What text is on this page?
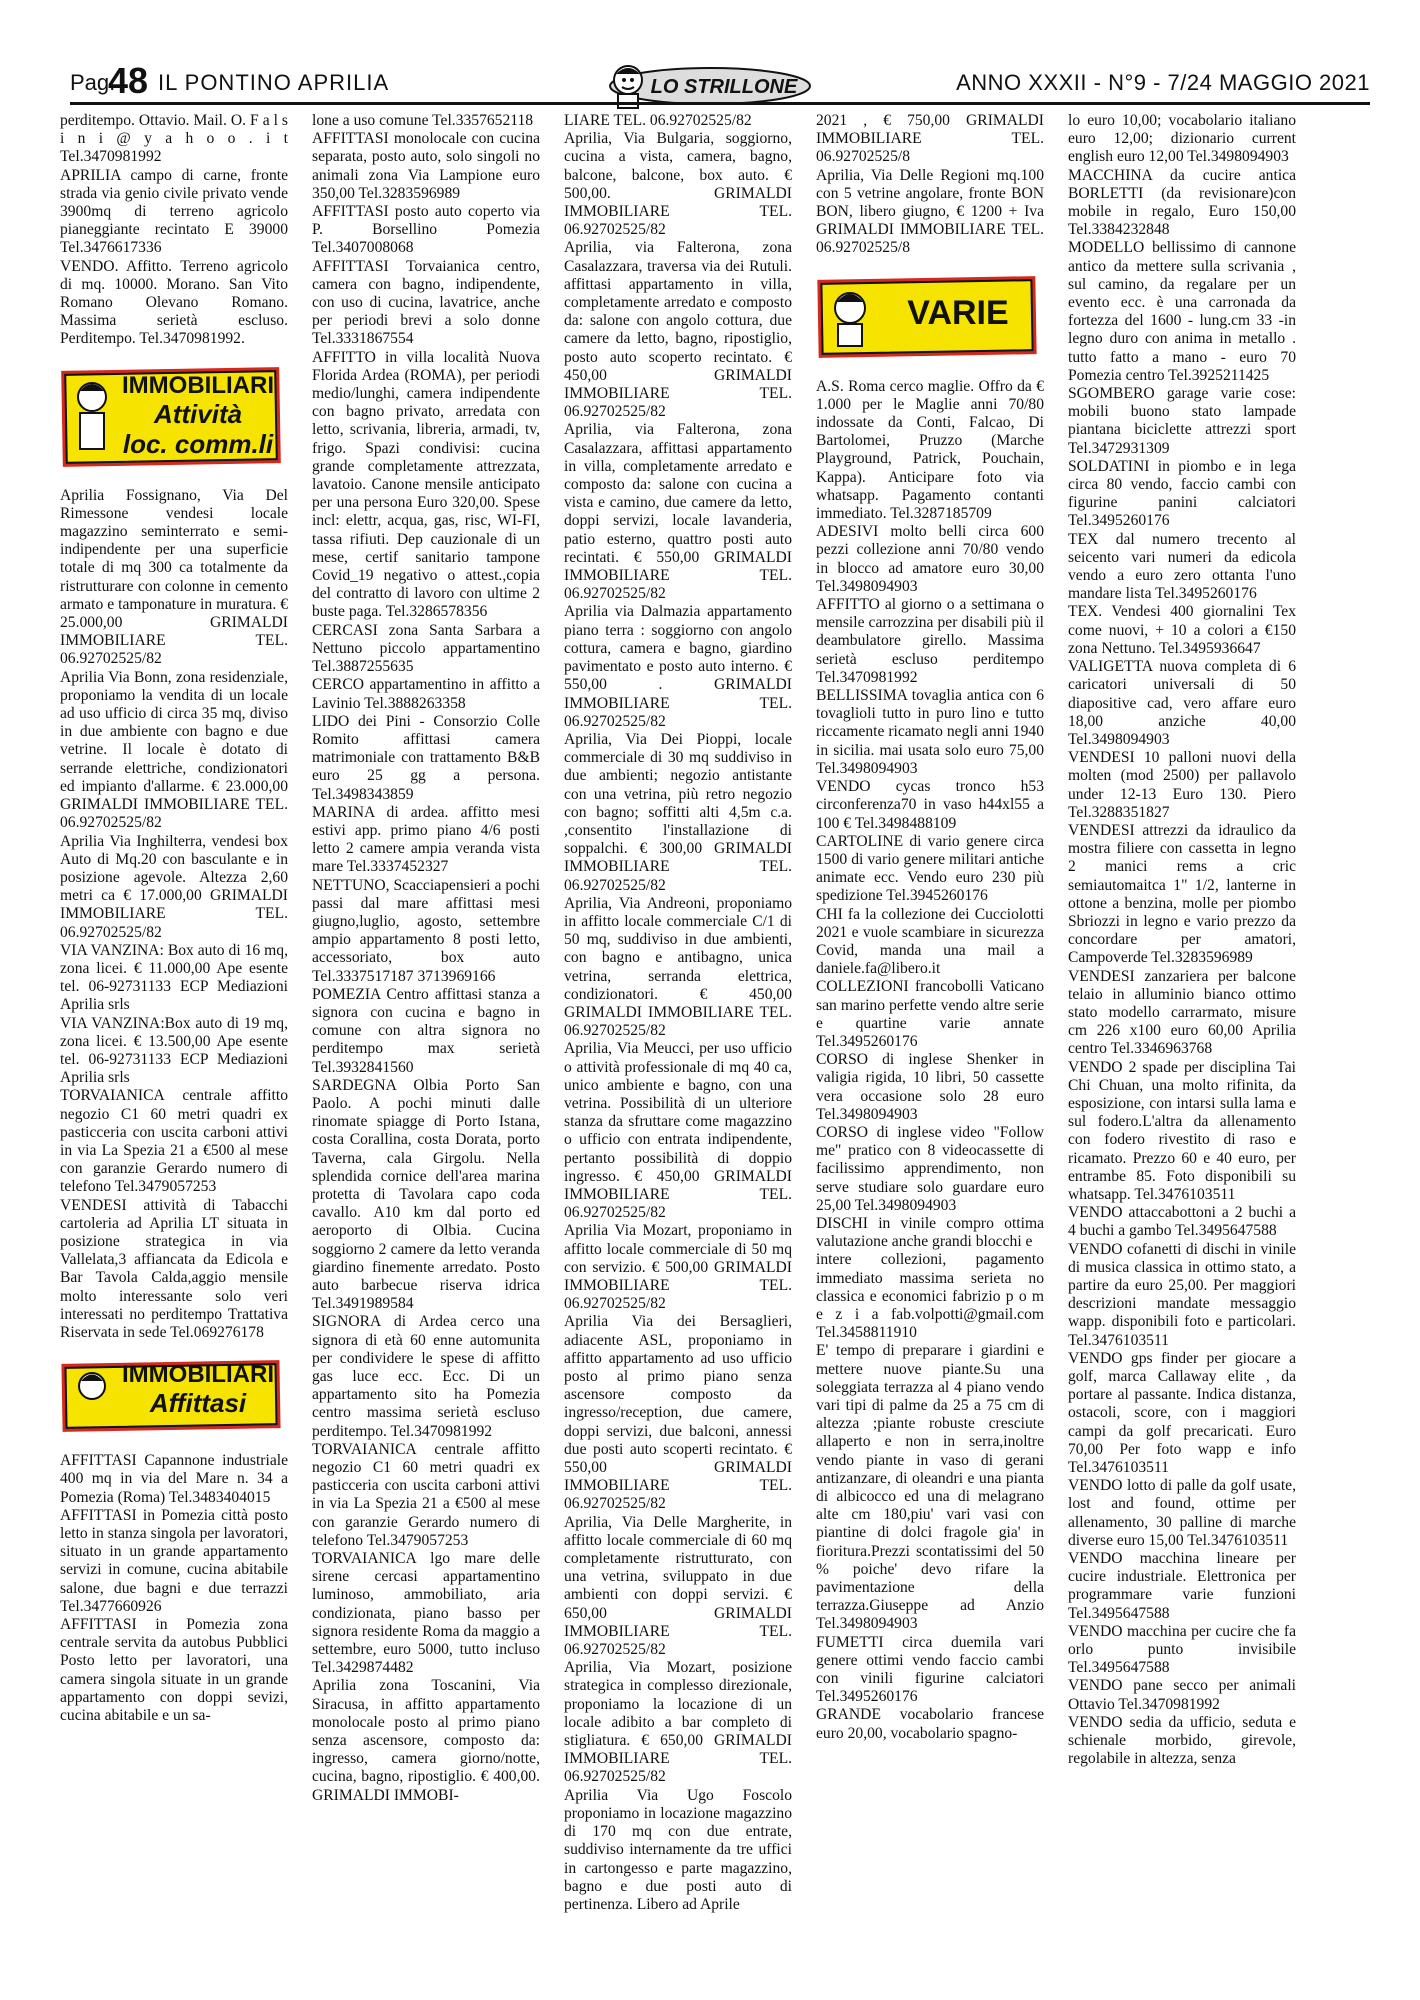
Pag.
48 IL PONTINO APRILIA	ANNO XXXII - N°9 - 7/24 MAGGIO 2021
LO STRILLONE

perditempo. Ottavio. Mail. O. F a l s i n i @ y a h o o . i t Tel.3470981992

APRILIA campo di carne, fronte strada via genio civile privato vende 3900mq di terreno agricolo pianeggiante recintato E 39000 Tel.3476617336

VENDO. Affitto. Terreno agricolo di mq. 10000. Morano. San Vito Romano Olevano Romano. Massima serietà escluso. Perditempo. Tel.3470981992.

IMMOBILIARI
Attività
loc. comm.li

Aprilia Fossignano, Via Del Rimessone vendesi locale magazzino seminterrato e semi-indipendente per una superficie totale di mq 300 ca totalmente da ristrutturare con colonne in cemento armato e tamponature in muratura. € 25.000,00 GRIMALDI IMMOBILIARE TEL. 06.92702525/82

Aprilia Via Bonn, zona residenziale, proponiamo la vendita di un locale ad uso ufficio di circa 35 mq, diviso in due ambiente con bagno e due vetrine. Il locale è dotato di serrande elettriche, condizionatori ed impianto d'allarme. € 23.000,00 GRIMALDI IMMOBILIARE TEL. 06.92702525/82

Aprilia Via Inghilterra, vendesi box Auto di Mq.20 con basculante e in posizione agevole. Altezza 2,60 metri ca € 17.000,00 GRIMALDI IMMOBILIARE TEL. 06.92702525/82

VIA VANZINA: Box auto di 16 mq, zona licei. € 11.000,00 Ape esente tel. 06-92731133 ECP Mediazioni Aprilia srls

VIA VANZINA:Box auto di 19 mq, zona licei. € 13.500,00 Ape esente tel. 06-92731133 ECP Mediazioni Aprilia srls

TORVAIANICA centrale affitto negozio C1 60 metri quadri ex pasticceria con uscita carboni attivi in via La Spezia 21 a €500 al mese con garanzie Gerardo numero di telefono Tel.3479057253

VENDESI attività di Tabacchi cartoleria ad Aprilia LT situata in posizione strategica in via Vallelata,3 affiancata da Edicola e Bar Tavola Calda,aggio mensile molto interessante solo veri interessati no perditempo Trattativa Riservata in sede Tel.069276178

IMMOBILIARI
Affittasi

AFFITTASI Capannone industriale 400 mq in via del Mare n. 34 a Pomezia (Roma) Tel.3483404015

AFFITTASI in Pomezia città posto letto in stanza singola per lavoratori, situato in un grande appartamento servizi in comune, cucina abitabile salone, due bagni e due terrazzi Tel.3477660926

AFFITTASI in Pomezia zona centrale servita da autobus Pubblici Posto letto per lavoratori, una camera singola situate in un grande appartamento con doppi sevizi, cucina abitabile e un sa-

lone a uso comune Tel.3357652118

AFFITTASI monolocale con cucina separata, posto auto, solo singoli no animali zona Via Lampione euro 350,00 Tel.3283596989

AFFITTASI posto auto coperto via P. Borsellino Pomezia Tel.3407008068

AFFITTASI Torvaianica centro, camera con bagno, indipendente, con uso di cucina, lavatrice, anche per periodi brevi a solo donne Tel.3331867554

AFFITTO in villa località Nuova Florida Ardea (ROMA), per periodi medio/lunghi, camera indipendente con bagno privato, arredata con letto, scrivania, libreria, armadi, tv, frigo. Spazi condivisi: cucina grande completamente attrezzata, lavatoio. Canone mensile anticipato per una persona Euro 320,00. Spese incl: elettr, acqua, gas, risc, WI-FI, tassa rifiuti. Dep cauzionale di un mese, certif sanitario tampone Covid_19 negativo o attest.,copia del contratto di lavoro con ultime 2 buste paga. Tel.3286578356

CERCASI zona Santa Sarbara a Nettuno piccolo appartamentino Tel.3887255635

CERCO appartamentino in affitto a Lavinio Tel.3888263358

LIDO dei Pini - Consorzio Colle Romito affittasi camera matrimoniale con trattamento B&B euro 25 gg a persona. Tel.3498343859

MARINA di ardea. affitto mesi estivi app. primo piano 4/6 posti letto 2 camere ampia veranda vista mare Tel.3337452327

NETTUNO, Scacciapensieri a pochi passi dal mare affittasi mesi giugno,luglio, agosto, settembre ampio appartamento 8 posti letto, accessoriato, box auto Tel.3337517187 3713969166

POMEZIA Centro affittasi stanza a signora con cucina e bagno in comune con altra signora no perditempo max serietà Tel.3932841560

SARDEGNA Olbia Porto San Paolo. A pochi minuti dalle rinomate spiagge di Porto Istana, costa Corallina, costa Dorata, porto Taverna, cala Girgolu. Nella splendida cornice dell'area marina protetta di Tavolara capo coda cavallo. A10 km dal porto ed aeroporto di Olbia. Cucina soggiorno 2 camere da letto veranda giardino finemente arredato. Posto auto barbecue riserva idrica Tel.3491989584

SIGNORA di Ardea cerco una signora di età 60 enne automunita per condividere le spese di affitto gas luce ecc. Ecc. Di un appartamento sito ha Pomezia centro massima serietà escluso perditempo. Tel.3470981992

TORVAIANICA centrale affitto negozio C1 60 metri quadri ex pasticceria con uscita carboni attivi in via La Spezia 21 a €500 al mese con garanzie Gerardo numero di telefono Tel.3479057253

TORVAIANICA lgo mare delle sirene cercasi appartamentino luminoso, ammobiliato, aria condizionata, piano basso per signora residente Roma da maggio a settembre, euro 5000, tutto incluso Tel.3429874482

Aprilia zona Toscanini, Via Siracusa, in affitto appartamento monolocale posto al primo piano senza ascensore, composto da: ingresso, camera giorno/notte, cucina, bagno, ripostiglio. € 400,00. GRIMALDI IMMOBI-

LIARE TEL. 06.92702525/82

Aprilia, Via Bulgaria, soggiorno, cucina a vista, camera, bagno, balcone, balcone, box auto. € 500,00. GRIMALDI IMMOBILIARE TEL. 06.92702525/82

Aprilia, via Falterona, zona Casalazzara, traversa via dei Rutuli. affittasi appartamento in villa, completamente arredato e composto da: salone con angolo cottura, due camere da letto, bagno, ripostiglio, posto auto scoperto recintato. € 450,00 GRIMALDI IMMOBILIARE TEL. 06.92702525/82

Aprilia, via Falterona, zona Casalazzara, affittasi appartamento in villa, completamente arredato e composto da: salone con cucina a vista e camino, due camere da letto, doppi servizi, locale lavanderia, patio esterno, quattro posti auto recintati. € 550,00 GRIMALDI IMMOBILIARE TEL. 06.92702525/82

Aprilia via Dalmazia appartamento piano terra : soggiorno con angolo cottura, camera e bagno, giardino pavimentato e posto auto interno. € 550,00 . GRIMALDI IMMOBILIARE TEL. 06.92702525/82

Aprilia, Via Dei Pioppi, locale commerciale di 30 mq suddiviso in due ambienti; negozio antistante con una vetrina, più retro negozio con bagno; soffitti alti 4,5m c.a. ,consentito l'installazione di soppalchi. € 300,00 GRIMALDI IMMOBILIARE TEL. 06.92702525/82

Aprilia, Via Andreoni, proponiamo in affitto locale commerciale C/1 di 50 mq, suddiviso in due ambienti, con bagno e antibagno, unica vetrina, serranda elettrica, condizionatori. € 450,00 GRIMALDI IMMOBILIARE TEL. 06.92702525/82

Aprilia, Via Meucci, per uso ufficio o attività professionale di mq 40 ca, unico ambiente e bagno, con una vetrina. Possibilità di un ulteriore stanza da sfruttare come magazzino o ufficio con entrata indipendente, pertanto possibilità di doppio ingresso. € 450,00 GRIMALDI IMMOBILIARE TEL. 06.92702525/82

Aprilia Via Mozart, proponiamo in affitto locale commerciale di 50 mq con servizio. € 500,00 GRIMALDI IMMOBILIARE TEL. 06.92702525/82

Aprilia Via dei Bersaglieri, adiacente ASL, proponiamo in affitto appartamento ad uso ufficio posto al primo piano senza ascensore composto da ingresso/reception, due camere, doppi servizi, due balconi, annessi due posti auto scoperti recintato. € 550,00 GRIMALDI IMMOBILIARE TEL. 06.92702525/82

Aprilia, Via Delle Margherite, in affitto locale commerciale di 60 mq completamente ristrutturato, con una vetrina, sviluppato in due ambienti con doppi servizi. € 650,00 GRIMALDI IMMOBILIARE TEL. 06.92702525/82

Aprilia, Via Mozart, posizione strategica in complesso direzionale, proponiamo la locazione di un locale adibito a bar completo di stigliatura. € 650,00 GRIMALDI IMMOBILIARE TEL. 06.92702525/82

Aprilia Via Ugo Foscolo proponiamo in locazione magazzino di 170 mq con due entrate, suddiviso internamente da tre uffici in cartongesso e parte magazzino, bagno e due posti auto di pertinenza. Libero ad Aprile

2021 , € 750,00 GRIMALDI IMMOBILIARE TEL. 06.92702525/8

Aprilia, Via Delle Regioni mq.100 con 5 vetrine angolare, fronte BON BON, libero giugno, € 1200 + Iva GRIMALDI IMMOBILIARE TEL. 06.92702525/8

VARIE

A.S. Roma cerco maglie. Offro da € 1.000 per le Maglie anni 70/80 indossate da Conti, Falcao, Di Bartolomei, Pruzzo (Marche Playground, Patrick, Pouchain, Kappa). Anticipare foto via whatsapp. Pagamento contanti immediato. Tel.3287185709

ADESIVI molto belli circa 600 pezzi collezione anni 70/80 vendo in blocco ad amatore euro 30,00 Tel.3498094903

AFFITTO al giorno o a settimana o mensile carrozzina per disabili più il deambulatore girello. Massima serietà escluso perditempo Tel.3470981992

BELLISSIMA tovaglia antica con 6 tovaglioli tutto in puro lino e tutto riccamente ricamato negli anni 1940 in sicilia. mai usata solo euro 75,00 Tel.3498094903

VENDO cycas tronco h53 circonferenza70 in vaso h44xl55 a 100 € Tel.3498488109

CARTOLINE di vario genere circa 1500 di vario genere militari antiche animate ecc. Vendo euro 230 più spedizione Tel.3945260176

CHI fa la collezione dei Cucciolotti 2021 e vuole scambiare in sicurezza Covid, manda una mail a daniele.fa@libero.it

COLLEZIONI francobolli Vaticano san marino perfette vendo altre serie e quartine varie annate Tel.3495260176

CORSO di inglese Shenker in valigia rigida, 10 libri, 50 cassette vera occasione solo 28 euro Tel.3498094903

CORSO di inglese video "Follow me" pratico con 8 videocassette di facilissimo apprendimento, non serve studiare solo guardare euro 25,00 Tel.3498094903

DISCHI in vinile compro ottima valutazione anche grandi blocchi e

intere collezioni, pagamento immediato massima serieta no classica e economici fabrizio p o m e z i a fab.volpotti@gmail.com Tel.3458811910

E' tempo di preparare i giardini e mettere nuove piante.Su una soleggiata terrazza al 4 piano vendo vari tipi di palme da 25 a 75 cm di altezza ;piante robuste cresciute allaperto e non in serra,inoltre vendo piante in vaso di gerani antizanzare, di oleandri e una pianta di albicocco ed una di melagrano alte cm 180,piu' vari vasi con piantine di dolci fragole gia' in fioritura.Prezzi scontatissimi del 50 % poiche' devo rifare la pavimentazione della terrazza.Giuseppe ad Anzio Tel.3498094903

FUMETTI circa duemila vari genere ottimi vendo faccio cambi con vinili figurine calciatori Tel.3495260176

GRANDE vocabolario francese euro 20,00, vocabolario spagno-

lo euro 10,00; vocabolario italiano euro 12,00; dizionario current english euro 12,00 Tel.3498094903

MACCHINA da cucire antica BORLETTI (da revisionare)con mobile in regalo, Euro 150,00 Tel.3384232848

MODELLO bellissimo di cannone antico da mettere sulla scrivania , sul camino, da regalare per un evento ecc. è una carronada da fortezza del 1600 - lung.cm 33 -in legno duro con anima in metallo . tutto fatto a mano - euro 70 Pomezia centro Tel.3925211425

SGOMBERO garage varie cose: mobili buono stato lampade piantana biciclette attrezzi sport Tel.3472931309

SOLDATINI in piombo e in lega circa 80 vendo, faccio cambi con figurine panini calciatori Tel.3495260176

TEX dal numero trecento al seicento vari numeri da edicola vendo a euro zero ottanta l'uno mandare lista Tel.3495260176

TEX. Vendesi 400 giornalini Tex come nuovi, + 10 a colori a €150 zona Nettuno. Tel.3495936647

VALIGETTA nuova completa di 6 caricatori universali di 50 diapositive cad, vero affare euro 18,00 anziche 40,00 Tel.3498094903

VENDESI 10 palloni nuovi della molten (mod 2500) per pallavolo under 12-13 Euro 130. Piero Tel.3288351827

VENDESI attrezzi da idraulico da mostra filiere con cassetta in legno 2 manici rems a cric semiautomaitca 1" 1/2, lanterne in ottone a benzina, molle per piombo Sbriozzi in legno e vario prezzo da concordare per amatori, Campoverde Tel.3283596989

VENDESI zanzariera per balcone telaio in alluminio bianco ottimo stato modello carrarmato, misure cm 226 x100 euro 60,00 Aprilia centro Tel.3346963768

VENDO 2 spade per disciplina Tai Chi Chuan, una molto rifinita, da esposizione, con intarsi sulla lama e sul fodero.L'altra da allenamento con fodero rivestito di raso e ricamato. Prezzo 60 e 40 euro, per entrambe 85. Foto disponibili su whatsapp. Tel.3476103511

VENDO attaccabottoni a 2 buchi a 4 buchi a gambo Tel.3495647588

VENDO cofanetti di dischi in vinile di musica classica in ottimo stato, a partire da euro 25,00. Per maggiori descrizioni mandate messaggio wapp. disponibili foto e particolari. Tel.3476103511

VENDO gps finder per giocare a golf, marca Callaway elite , da portare al passante. Indica distanza, ostacoli, score, con i maggiori campi da golf precaricati. Euro 70,00 Per foto wapp e info Tel.3476103511

VENDO lotto di palle da golf usate, lost and found, ottime per allenamento, 30 palline di marche diverse euro 15,00 Tel.3476103511

VENDO macchina lineare per cucire industriale. Elettronica per programmare varie funzioni Tel.3495647588

VENDO macchina per cucire che fa orlo punto invisibile Tel.3495647588

VENDO pane secco per animali Ottavio Tel.3470981992

VENDO sedia da ufficio, seduta e schienale morbido, girevole, regolabile in altezza, senza
